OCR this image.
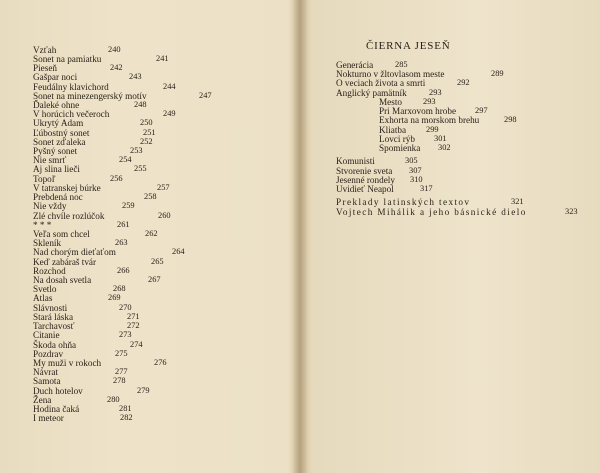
Vzťah	240
Sonet na pamiatku	241
Pieseň	242
Gašpar noci	243
Feudálny klavichord	244
Sonet na minezengerský motív	247
Ďaleké ohne	248
V horúcich večeroch	249
Ukrytý Adam	250
Ľúbostný sonet	251
Sonet zďaleka	252
Pyšný sonet	253
Nie smrť	254
Aj slina lieči	255
Topoľ	256
V tatranskej búrke	257
Prebdená noc	258
Nie vždy	259
Zlé chvíle rozlúčok	260
* * *	261
Veľa som chcel	262
Skleník	263
Nad chorým dieťaťom	264
Keď zabáraš tvár	265
Rozchod	266
Na dosah svetla	267
Svetlo	268
Atlas	269
Slávnosti	270
Stará láska	271
Tarchavosť	272
Citanie	273
Škoda ohňa	274
Pozdrav	275
My muži v rokoch	276
Návrat	277
Samota	278
Duch hotelov	279
Žena	280
Hodina čaká	281
I meteor	282
ČIERNA JESEŇ
Generácia	285
Nokturno v žltovlasom meste	289
O veciach života a smrti	292
Anglický pamätník	293
Mesto	293
Pri Marxovom hrobe 297
Exhorta na morskom brehu	298
Kliatba 299
Lovci rýb 301
Spomienka 302
Komunisti	305
Stvorenie sveta 307
Jesenné rondely 310
Uvidieť Neapol	317
Preklady latinských textov	321
Vojtech Mihálik a jeho básnické dielo	323
